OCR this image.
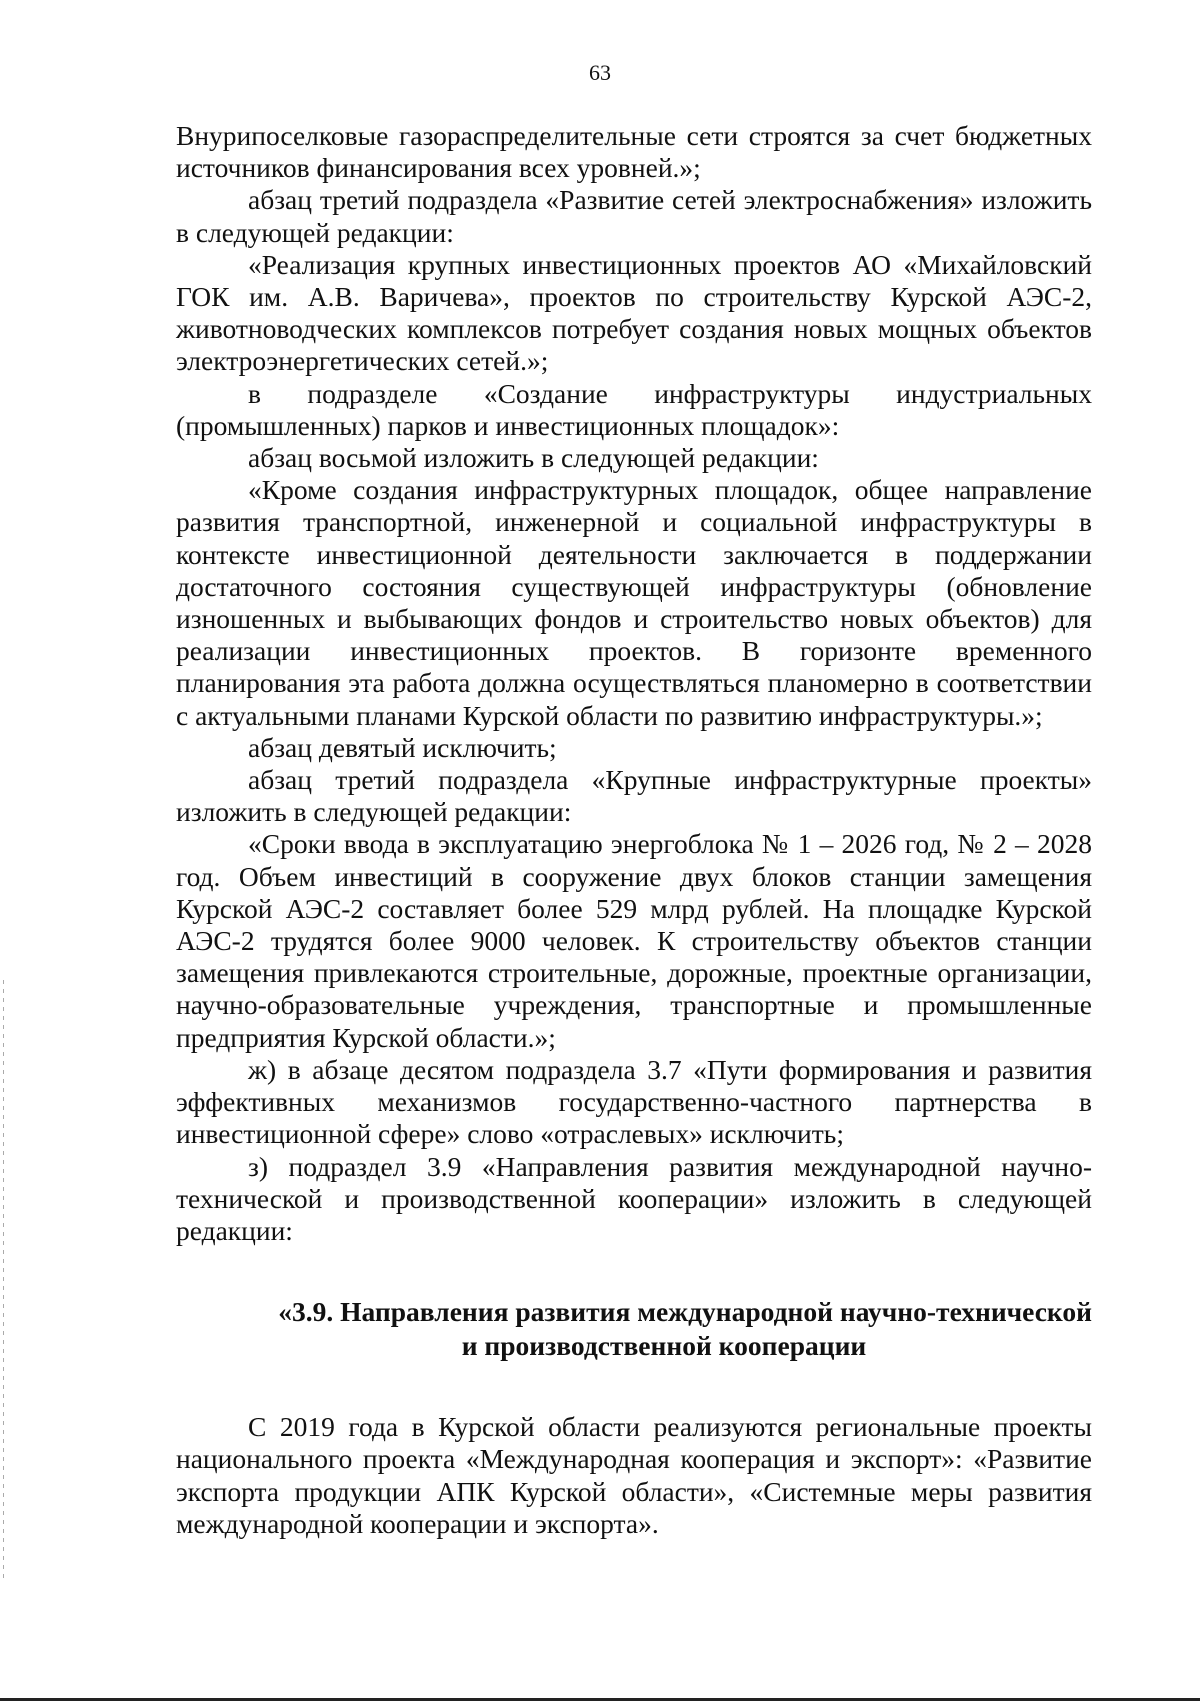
63

Внурипоселковые газораспределительные сети строятся за счет бюджетных источников финансирования всех уровней.»;

абзац третий подраздела «Развитие сетей электроснабжения» изложить в следующей редакции:

«Реализация крупных инвестиционных проектов АО «Михайловский ГОК им. А.В. Варичева», проектов по строительству Курской АЭС-2, животноводческих комплексов потребует создания новых мощных объектов электроэнергетических сетей.»;

в подразделе «Создание инфраструктуры индустриальных (промышленных) парков и инвестиционных площадок»:

абзац восьмой изложить в следующей редакции:

«Кроме создания инфраструктурных площадок, общее направление развития транспортной, инженерной и социальной инфраструктуры в контексте инвестиционной деятельности заключается в поддержании достаточного состояния существующей инфраструктуры (обновление изношенных и выбывающих фондов и строительство новых объектов) для реализации инвестиционных проектов. В горизонте временного планирования эта работа должна осуществляться планомерно в соответствии с актуальными планами Курской области по развитию инфраструктуры.»;

абзац девятый исключить;

абзац третий подраздела «Крупные инфраструктурные проекты» изложить в следующей редакции:

«Сроки ввода в эксплуатацию энергоблока № 1 – 2026 год, № 2 – 2028 год. Объем инвестиций в сооружение двух блоков станции замещения Курской АЭС-2 составляет более 529 млрд рублей. На площадке Курской АЭС-2 трудятся более 9000 человек. К строительству объектов станции замещения привлекаются строительные, дорожные, проектные организации, научно-образовательные учреждения, транспортные и промышленные предприятия Курской области.»;

ж) в абзаце десятом подраздела 3.7 «Пути формирования и развития эффективных механизмов государственно-частного партнерства в инвестиционной сфере» слово «отраслевых» исключить;

з) подраздел 3.9 «Направления развития международной научно-технической и производственной кооперации» изложить в следующей редакции:

«3.9. Направления развития международной научно-технической
и производственной кооперации

С 2019 года в Курской области реализуются региональные проекты национального проекта «Международная кооперация и экспорт»: «Развитие экспорта продукции АПК Курской области», «Системные меры развития международной кооперации и экспорта».
